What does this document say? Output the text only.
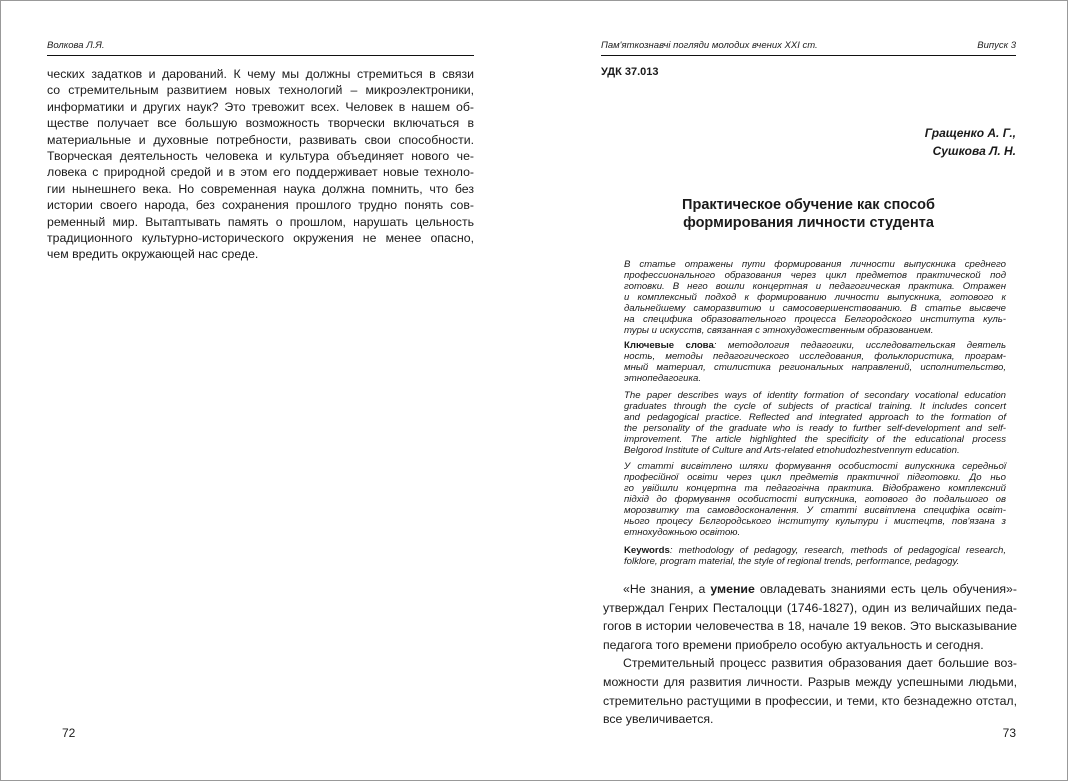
Волкова Л.Я.
ческих задатков и дарований. К чему мы должны стремиться в связи
со стремительным развитием новых технологий – микроэлектроники,
информатики и других наук? Это тревожит всех. Человек в нашем об-
ществе получает все большую возможность творчески включаться в
материальные и духовные потребности, развивать свои способности.
Творческая деятельность человека и культура объединяет нового че-
ловека с природной средой и в этом его поддерживает новые техноло-
гии нынешнего века. Но современная наука должна помнить, что без
истории своего народа, без сохранения прошлого трудно понять сов-
ременный мир. Вытаптывать память о прошлом, нарушать цельность
традиционного культурно-исторического окружения не менее опасно,
чем вредить окружающей нас среде.
72
Пам'яткознавчі погляди молодих вчених ХХІ ст.	Випуск 3
УДК 37.013
Гращенко А. Г.,
Сушкова Л. Н.
Практическое обучение как способ
формирования личности студента
В статье отражены пути формирования личности выпускника среднего
профессионального образования через цикл предметов практической под
готовки. В него вошли концертная и педагогическая практика. Отражен
и комплексный подход к формированию личности выпускника, готового к
дальнейшему саморазвитию и самосовершенствованию. В статье высвече
на специфика образовательного процесса Белгородского института куль-
туры и искусств, связанная с этнохудожественным образованием.
Ключевые слова: методология педагогики, исследовательская деятель
ность, методы педагогического исследования, фольклористика, програм-
мный материал, стилистика региональных направлений, исполнительство,
этнопедагогика.
The paper describes ways of identity formation of secondary vocational education
graduates through the cycle of subjects of practical training. It includes concert
and pedagogical practice. Reflected and integrated approach to the formation of
the personality of the graduate who is ready to further self-development and self-
improvement. The article highlighted the specificity of the educational process
Belgorod Institute of Culture and Arts-related etnohudozhestvennym education.
У статті висвітлено шляхи формування особистості випускника середньої
професійної освіти через цикл предметів практичної підготовки. До ньо
го увійшли концертна та педагогічна практика. Відображено комплексний
підхід до формування особистості випускника, готового до подальшого ов
морозвитку та самовдосконалення. У статті висвітлена специфіка освіт-
нього процесу Бєлгородського інституту культури і мистецтв, пов'язана з
етнохудожньою освітою.
Keywords: methodology of pedagogy, research, methods of pedagogical research,
folklore, program material, the style of regional trends, performance, pedagogy.
«Не знания, а умение овладевать знаниями есть цель обучения»-
утверждал Генрих Песталоцци (1746-1827), один из величайших педа-
гогов в истории человечества в 18, начале 19 веков. Это высказывание
педагога того времени приобрело особую актуальность и сегодня.
Стремительный процесс развития образования дает большие воз-
можности для развития личности. Разрыв между успешными людьми,
стремительно растущими в профессии, и теми, кто безнадежно отстал,
все увеличивается.
73
